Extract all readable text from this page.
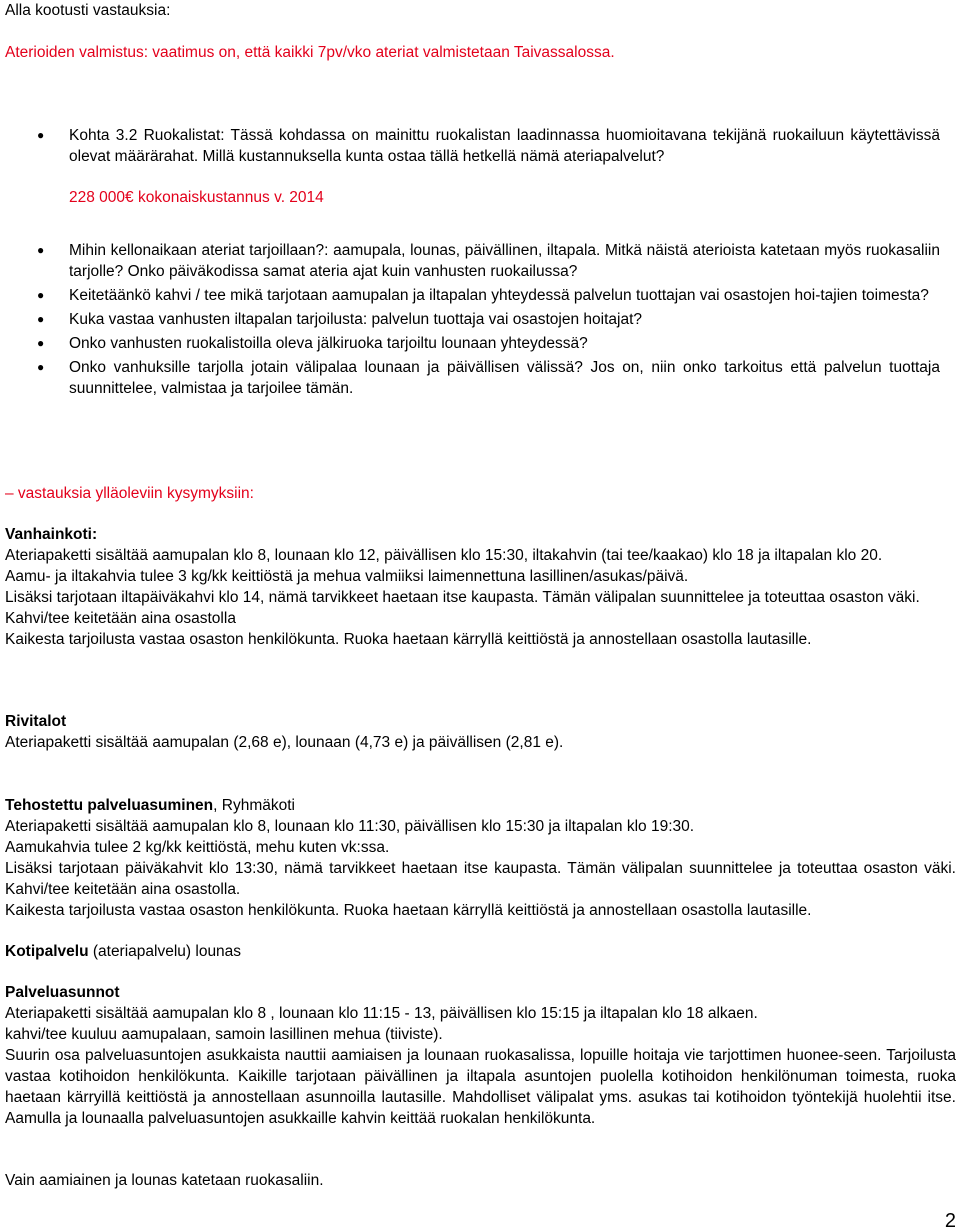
Alla kootusti vastauksia:
Aterioiden valmistus: vaatimus on, että kaikki 7pv/vko ateriat valmistetaan Taivassalossa.
● Kohta 3.2 Ruokalistat: Tässä kohdassa on mainittu ruokalistan laadinnassa huomioitavana tekijänä ruokailuun käytettävissä olevat määrärahat. Millä kustannuksella kunta ostaa tällä hetkellä nämä ateriapalvelut?
228 000€ kokonaiskustannus v. 2014
● Mihin kellonaikaan ateriat tarjoillaan?: aamupala, lounas, päivällinen, iltapala. Mitkä näistä aterioista katetaan myös ruokasaliin tarjolle? Onko päiväkodissa samat ateria ajat kuin vanhusten ruokailussa?
● Keitetäänkö kahvi / tee mikä tarjotaan aamupalan ja iltapalan yhteydessä palvelun tuottajan vai osastojen hoi-tajien toimesta?
● Kuka vastaa vanhusten iltapalan tarjoilusta: palvelun tuottaja vai osastojen hoitajat?
● Onko vanhusten ruokalistoilla oleva jälkiruoka tarjoiltu lounaan yhteydessä?
● Onko vanhuksille tarjolla jotain välipalaa lounaan ja päivällisen välissä? Jos on, niin onko tarkoitus että palvelun tuottaja suunnittelee, valmistaa ja tarjoilee tämän.
– vastauksia ylläoleviin kysymyksiin:
Vanhainkoti:
Ateriapaketti sisältää aamupalan klo 8, lounaan klo 12, päivällisen klo 15:30, iltakahvin (tai tee/kaakao) klo 18 ja iltapalan klo 20.
Aamu- ja iltakahvia tulee 3 kg/kk keittiöstä ja mehua valmiiksi laimennettuna lasillinen/asukas/päivä.
Lisäksi tarjotaan iltapäiväkahvi klo 14, nämä tarvikkeet haetaan itse kaupasta. Tämän välipalan suunnittelee ja toteuttaa osaston väki.
Kahvi/tee keitetään aina osastolla
Kaikesta tarjoilusta vastaa osaston henkilökunta. Ruoka haetaan kärryllä keittiöstä ja annostellaan osastolla lautasille.
Rivitalot
Ateriapaketti sisältää aamupalan (2,68 e), lounaan (4,73 e) ja päivällisen (2,81 e).
Tehostettu palveluasuminen, Ryhmäkoti
Ateriapaketti sisältää aamupalan klo 8, lounaan klo 11:30, päivällisen klo 15:30 ja iltapalan klo 19:30.
Aamukahvia tulee 2 kg/kk keittiöstä, mehu kuten vk:ssa.
Lisäksi tarjotaan päiväkahvit klo 13:30, nämä tarvikkeet haetaan itse kaupasta. Tämän välipalan suunnittelee ja toteuttaa osaston väki. Kahvi/tee keitetään aina osastolla.
Kaikesta tarjoilusta vastaa osaston henkilökunta. Ruoka haetaan kärryllä keittiöstä ja annostellaan osastolla lautasille.
Kotipalvelu (ateriapalvelu) lounas
Palveluasunnot
Ateriapaketti sisältää aamupalan klo 8 , lounaan klo 11:15 - 13, päivällisen klo 15:15 ja iltapalan klo 18 alkaen.
kahvi/tee kuuluu aamupalaan, samoin lasillinen mehua (tiiviste).
Suurin osa palveluasuntojen asukkaista nauttii aamiaisen ja lounaan ruokasalissa, lopuille hoitaja vie tarjottimen huonee-seen. Tarjoilusta vastaa kotihoidon henkilökunta. Kaikille tarjotaan päivällinen ja iltapala asuntojen puolella kotihoidon henkilönuman toimesta, ruoka haetaan kärryillä keittiöstä ja annostellaan asunnoilla lautasille. Mahdolliset välipalat yms. asukas tai kotihoidon työntekijä huolehtii itse. Aamulla ja lounaalla palveluasuntojen asukkaille kahvin keittää ruokalan henkilökunta.
Vain aamiainen ja lounas katetaan ruokasaliin.
2
